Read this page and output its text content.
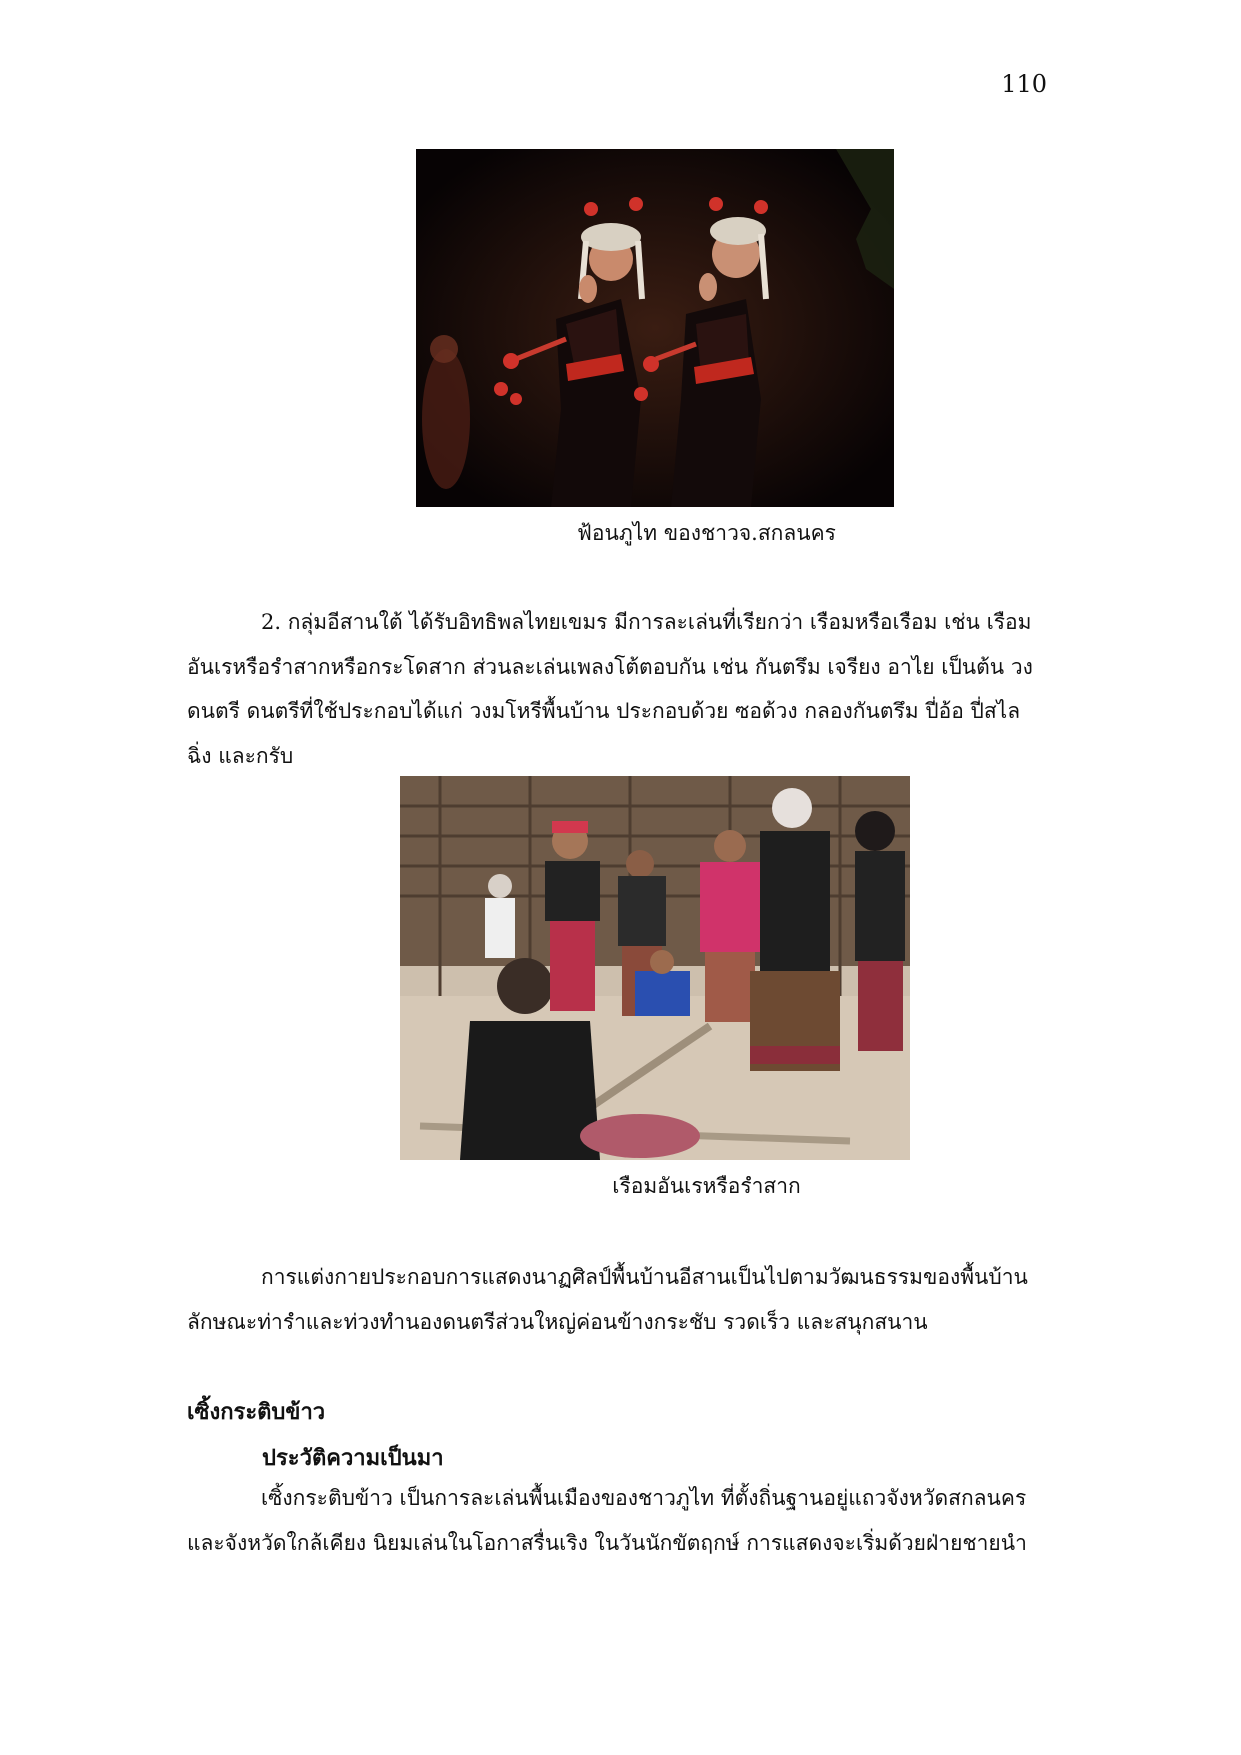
110
ฟ้อนภูไท ของชาวจ.สกลนคร
2. กลุ่มอีสานใต้ ได้รับอิทธิพลไทยเขมร มีการละเล่นที่เรียกว่า เรือมหรือเรือม เช่น เรือม
อันเรหรือรำสากหรือกระโดสาก ส่วนละเล่นเพลงโต้ตอบกัน เช่น กันตรึม เจรียง อาไย เป็นต้น วง
ดนตรี ดนตรีที่ใช้ประกอบได้แก่ วงมโหรีพื้นบ้าน ประกอบด้วย ซอด้วง กลองกันตรึม ปี่อ้อ ปี่สไล
ฉิ่ง และกรับ
เรือมอันเรหรือรำสาก
การแต่งกายประกอบการแสดงนาฏศิลป์พื้นบ้านอีสานเป็นไปตามวัฒนธรรมของพื้นบ้าน
ลักษณะท่ารำและท่วงทำนองดนตรีส่วนใหญ่ค่อนข้างกระชับ รวดเร็ว และสนุกสนาน
เซิ้งกระติบข้าว
ประวัติความเป็นมา
เซิ้งกระติบข้าว เป็นการละเล่นพื้นเมืองของชาวภูไท ที่ตั้งถิ่นฐานอยู่แถวจังหวัดสกลนคร
และจังหวัดใกล้เคียง นิยมเล่นในโอกาสรื่นเริง ในวันนักขัตฤกษ์ การแสดงจะเริ่มด้วยฝ่ายชายนำ
